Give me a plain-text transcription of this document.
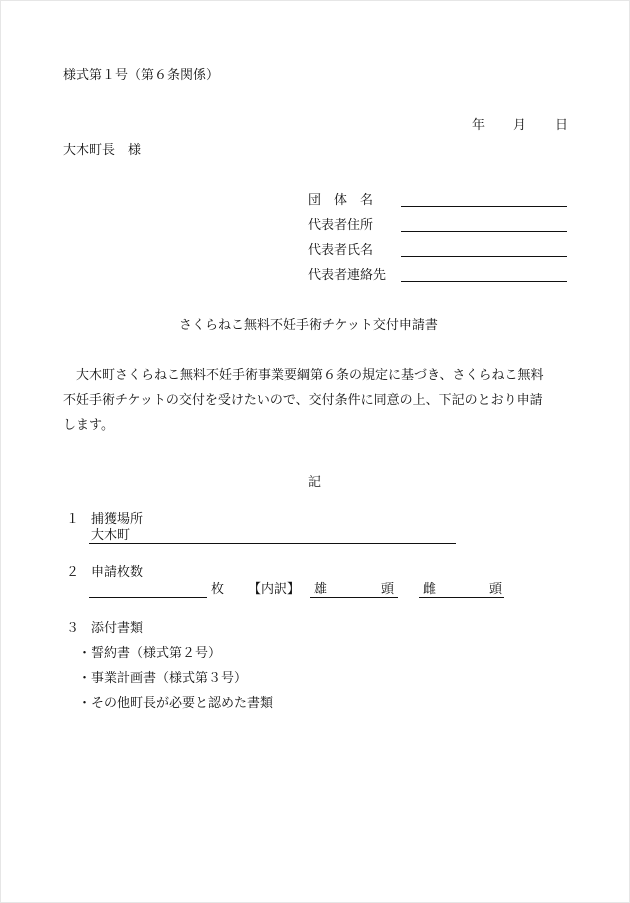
様式第１号（第６条関係）
年 月 日
大木町長　様
団　体　名
代表者住所
代表者氏名
代表者連絡先
さくらねこ無料不妊手術チケット交付申請書
　大木町さくらねこ無料不妊手術事業要綱第６条の規定に基づき、さくらねこ無料
不妊手術チケットの交付を受けたいので、交付条件に同意の上、下記のとおり申請
します。
記
１ 捕獲場所
大木町
２ 申請枚数
枚 【内訳】 雄	頭 雌	頭
３ 添付書類
・誓約書（様式第２号）
・事業計画書（様式第３号）
・その他町長が必要と認めた書類
